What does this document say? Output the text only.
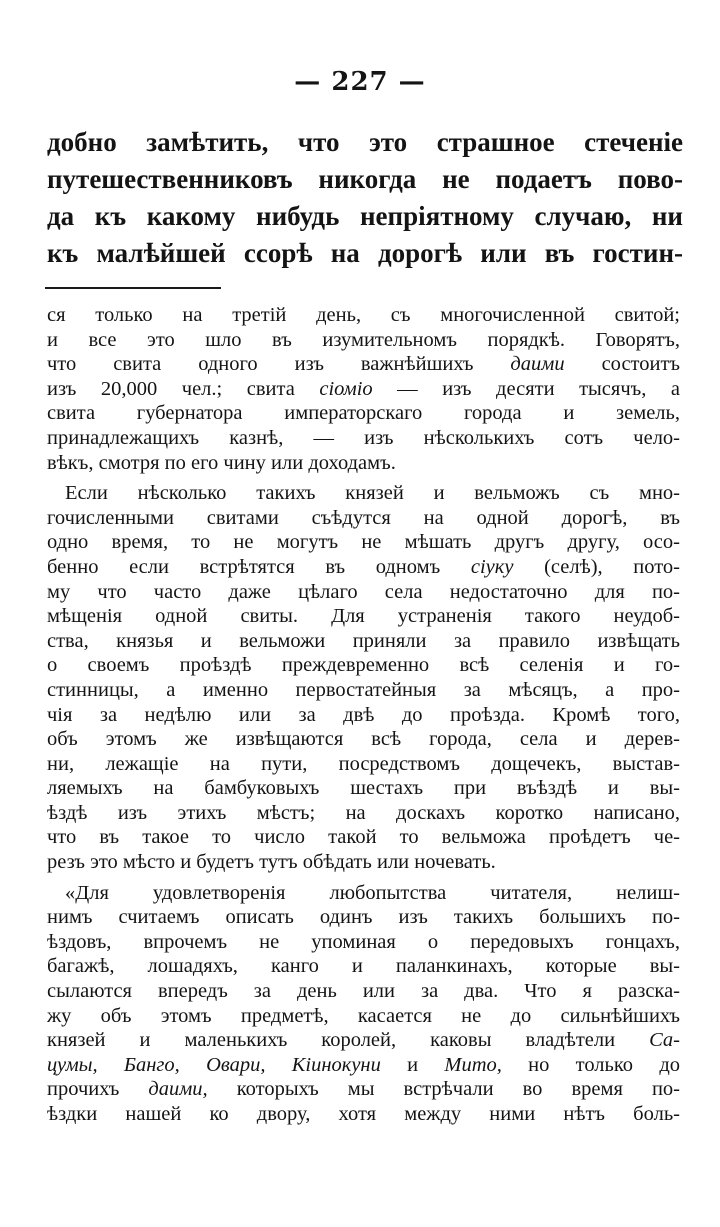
— 227 —
добно замѣтить, что это страшное стеченіе
путешественниковъ никогда не подаетъ пово-
да къ какому нибудь непріятному случаю, ни
къ малѣйшей ссорѣ на дорогѣ или въ гостин-
ся только на третій день, съ многочисленной свитой;
и все это шло въ изумительномъ порядкѣ. Говорятъ,
что свита одного изъ важнѣйшихъ даими состоитъ
изъ 20,000 чел.; свита сіоміо — изъ десяти тысячъ, а
свита губернатора императорскаго города и земель,
принадлежащихъ казнѣ, — изъ нѣсколькихъ сотъ чело-
вѣкъ, смотря по его чину или доходамъ.
Если нѣсколько такихъ князей и вельможъ съ мно-
гочисленными свитами съѣдутся на одной дорогѣ, въ
одно время, то не могутъ не мѣшать другъ другу, осо-
бенно если встрѣтятся въ одномъ сіуку (селѣ), пото-
му что часто даже цѣлаго села недостаточно для по-
мѣщенія одной свиты. Для устраненія такого неудоб-
ства, князья и вельможи приняли за правило извѣщать
о своемъ проѣздѣ преждевременно всѣ селенія и го-
стинницы, а именно первостатейныя за мѣсяцъ, а про-
чія за недѣлю или за двѣ до проѣзда. Кромѣ того,
объ этомъ же извѣщаются всѣ города, села и дерев-
ни, лежащіе на пути, посредствомъ дощечекъ, выстав-
ляемыхъ на бамбуковыхъ шестахъ при въѣздѣ и вы-
ѣздѣ изъ этихъ мѣстъ; на доскахъ коротко написано,
что въ такое то число такой то вельможа проѣдетъ че-
резъ это мѣсто и будетъ тутъ обѣдать или ночевать.
«Для удовлетворенія любопытства читателя, нелиш-
нимъ считаемъ описать одинъ изъ такихъ большихъ по-
ѣздовъ, впрочемъ не упоминая о передовыхъ гонцахъ,
багажѣ, лошадяхъ, канго и паланкинахъ, которые вы-
сылаются впередъ за день или за два. Что я разска-
жу объ этомъ предметѣ, касается не до сильнѣйшихъ
князей и маленькихъ королей, каковы владѣтели Са-
цумы, Банго, Овари, Кіинокуни и Мито, но только до
прочихъ даими, которыхъ мы встрѣчали во время по-
ѣздки нашей ко двору, хотя между ними нѣтъ боль-
